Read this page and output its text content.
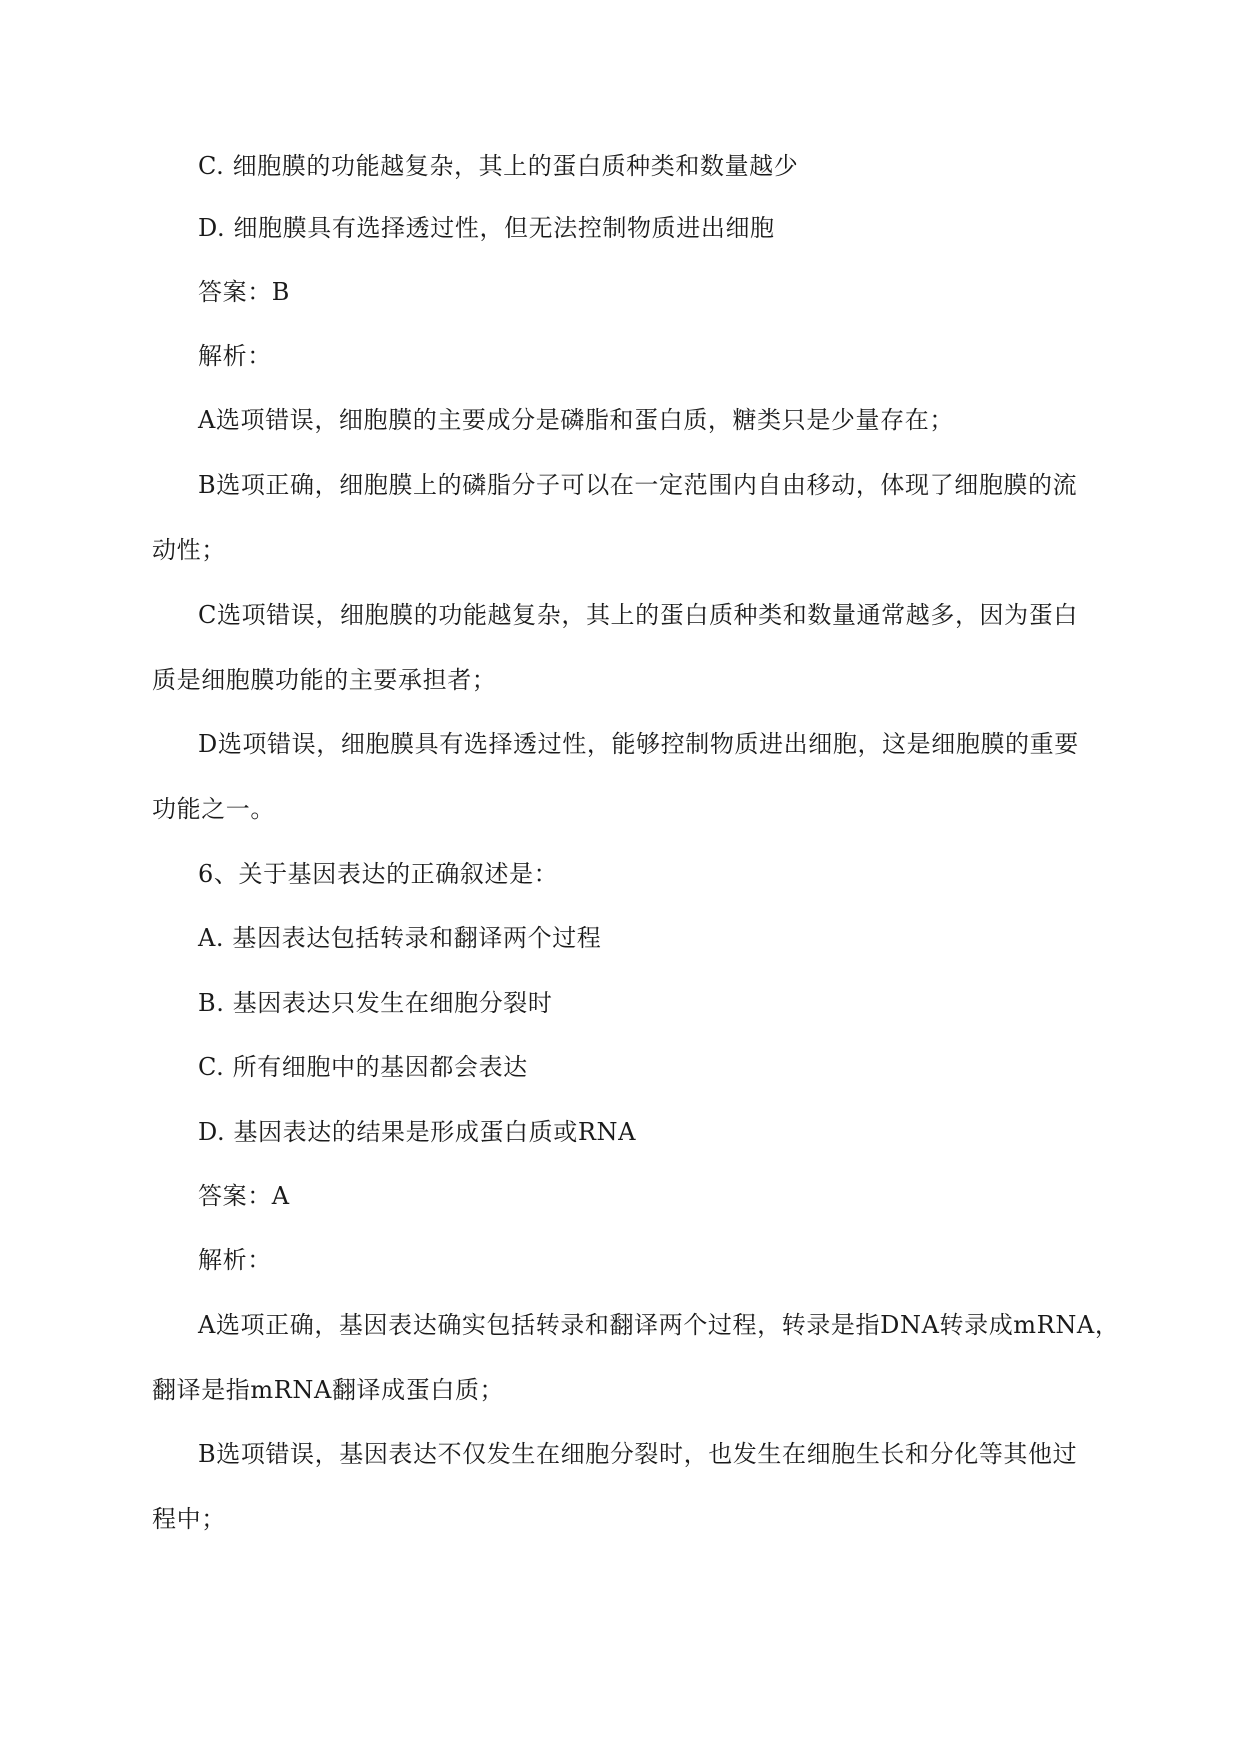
C. 细胞膜的功能越复杂，其上的蛋白质种类和数量越少
D. 细胞膜具有选择透过性，但无法控制物质进出细胞
答案：B
解析：
A选项错误，细胞膜的主要成分是磷脂和蛋白质，糖类只是少量存在；
B选项正确，细胞膜上的磷脂分子可以在一定范围内自由移动，体现了细胞膜的流
动性；
C选项错误，细胞膜的功能越复杂，其上的蛋白质种类和数量通常越多，因为蛋白
质是细胞膜功能的主要承担者；
D选项错误，细胞膜具有选择透过性，能够控制物质进出细胞，这是细胞膜的重要
功能之一。
6、关于基因表达的正确叙述是：
A. 基因表达包括转录和翻译两个过程
B. 基因表达只发生在细胞分裂时
C. 所有细胞中的基因都会表达
D. 基因表达的结果是形成蛋白质或RNA
答案：A
解析：
A选项正确，基因表达确实包括转录和翻译两个过程，转录是指DNA转录成mRNA，
翻译是指mRNA翻译成蛋白质；
B选项错误，基因表达不仅发生在细胞分裂时，也发生在细胞生长和分化等其他过
程中；
